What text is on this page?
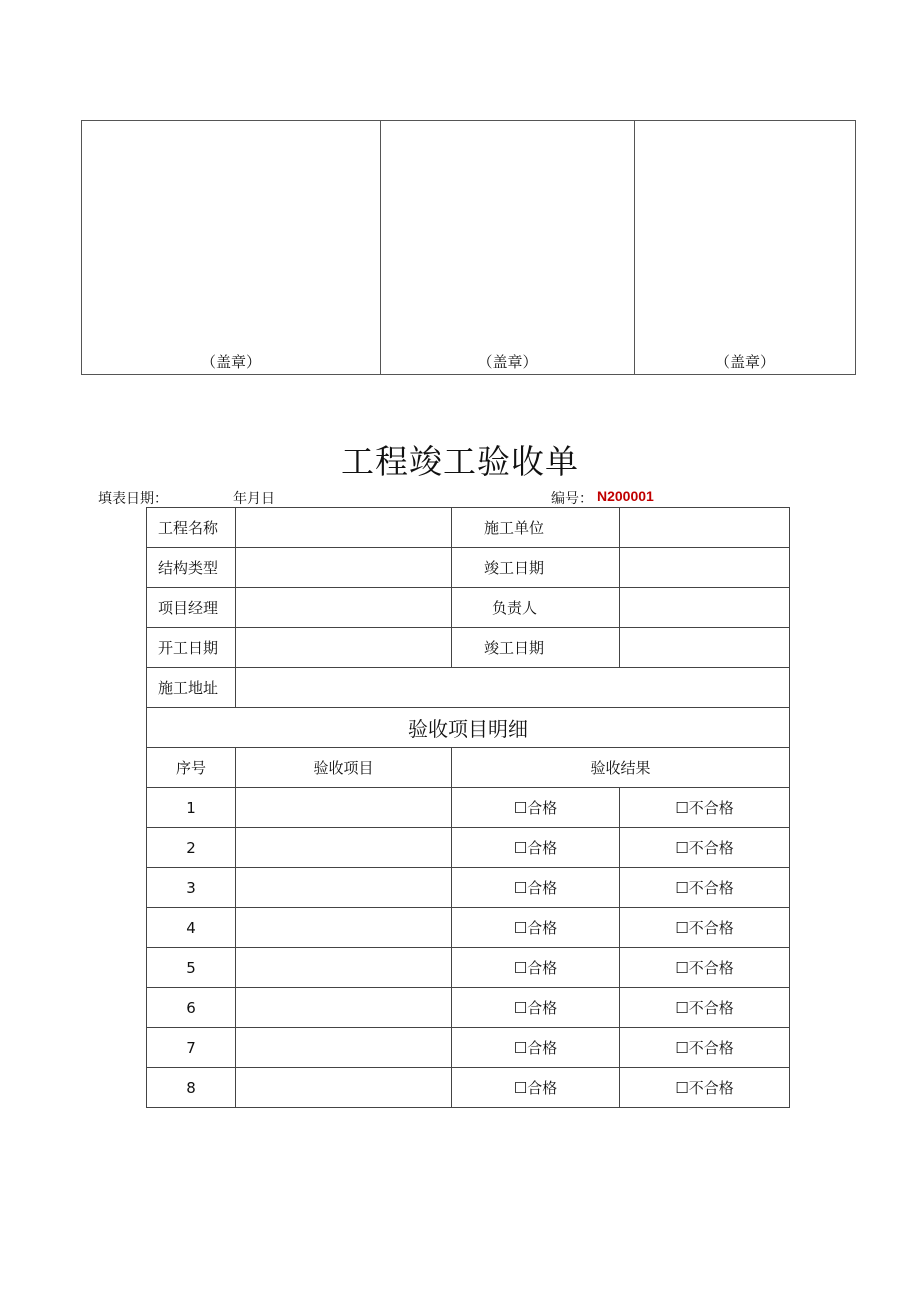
（盖章）	（盖章）	（盖章）
工程竣工验收单
填表日期：	年月日	编号： N200001
工程名称		施工单位	
结构类型		竣工日期	
项目经理		负责人	
开工日期		竣工日期	
施工地址			
验收项目明细			
序号	验收项目	验收结果	
1		☐合格	☐不合格
2		☐合格	☐不合格
3		☐合格	☐不合格
4		☐合格	☐不合格
5		☐合格	☐不合格
6		☐合格	☐不合格
7		☐合格	☐不合格
8		☐合格	☐不合格
